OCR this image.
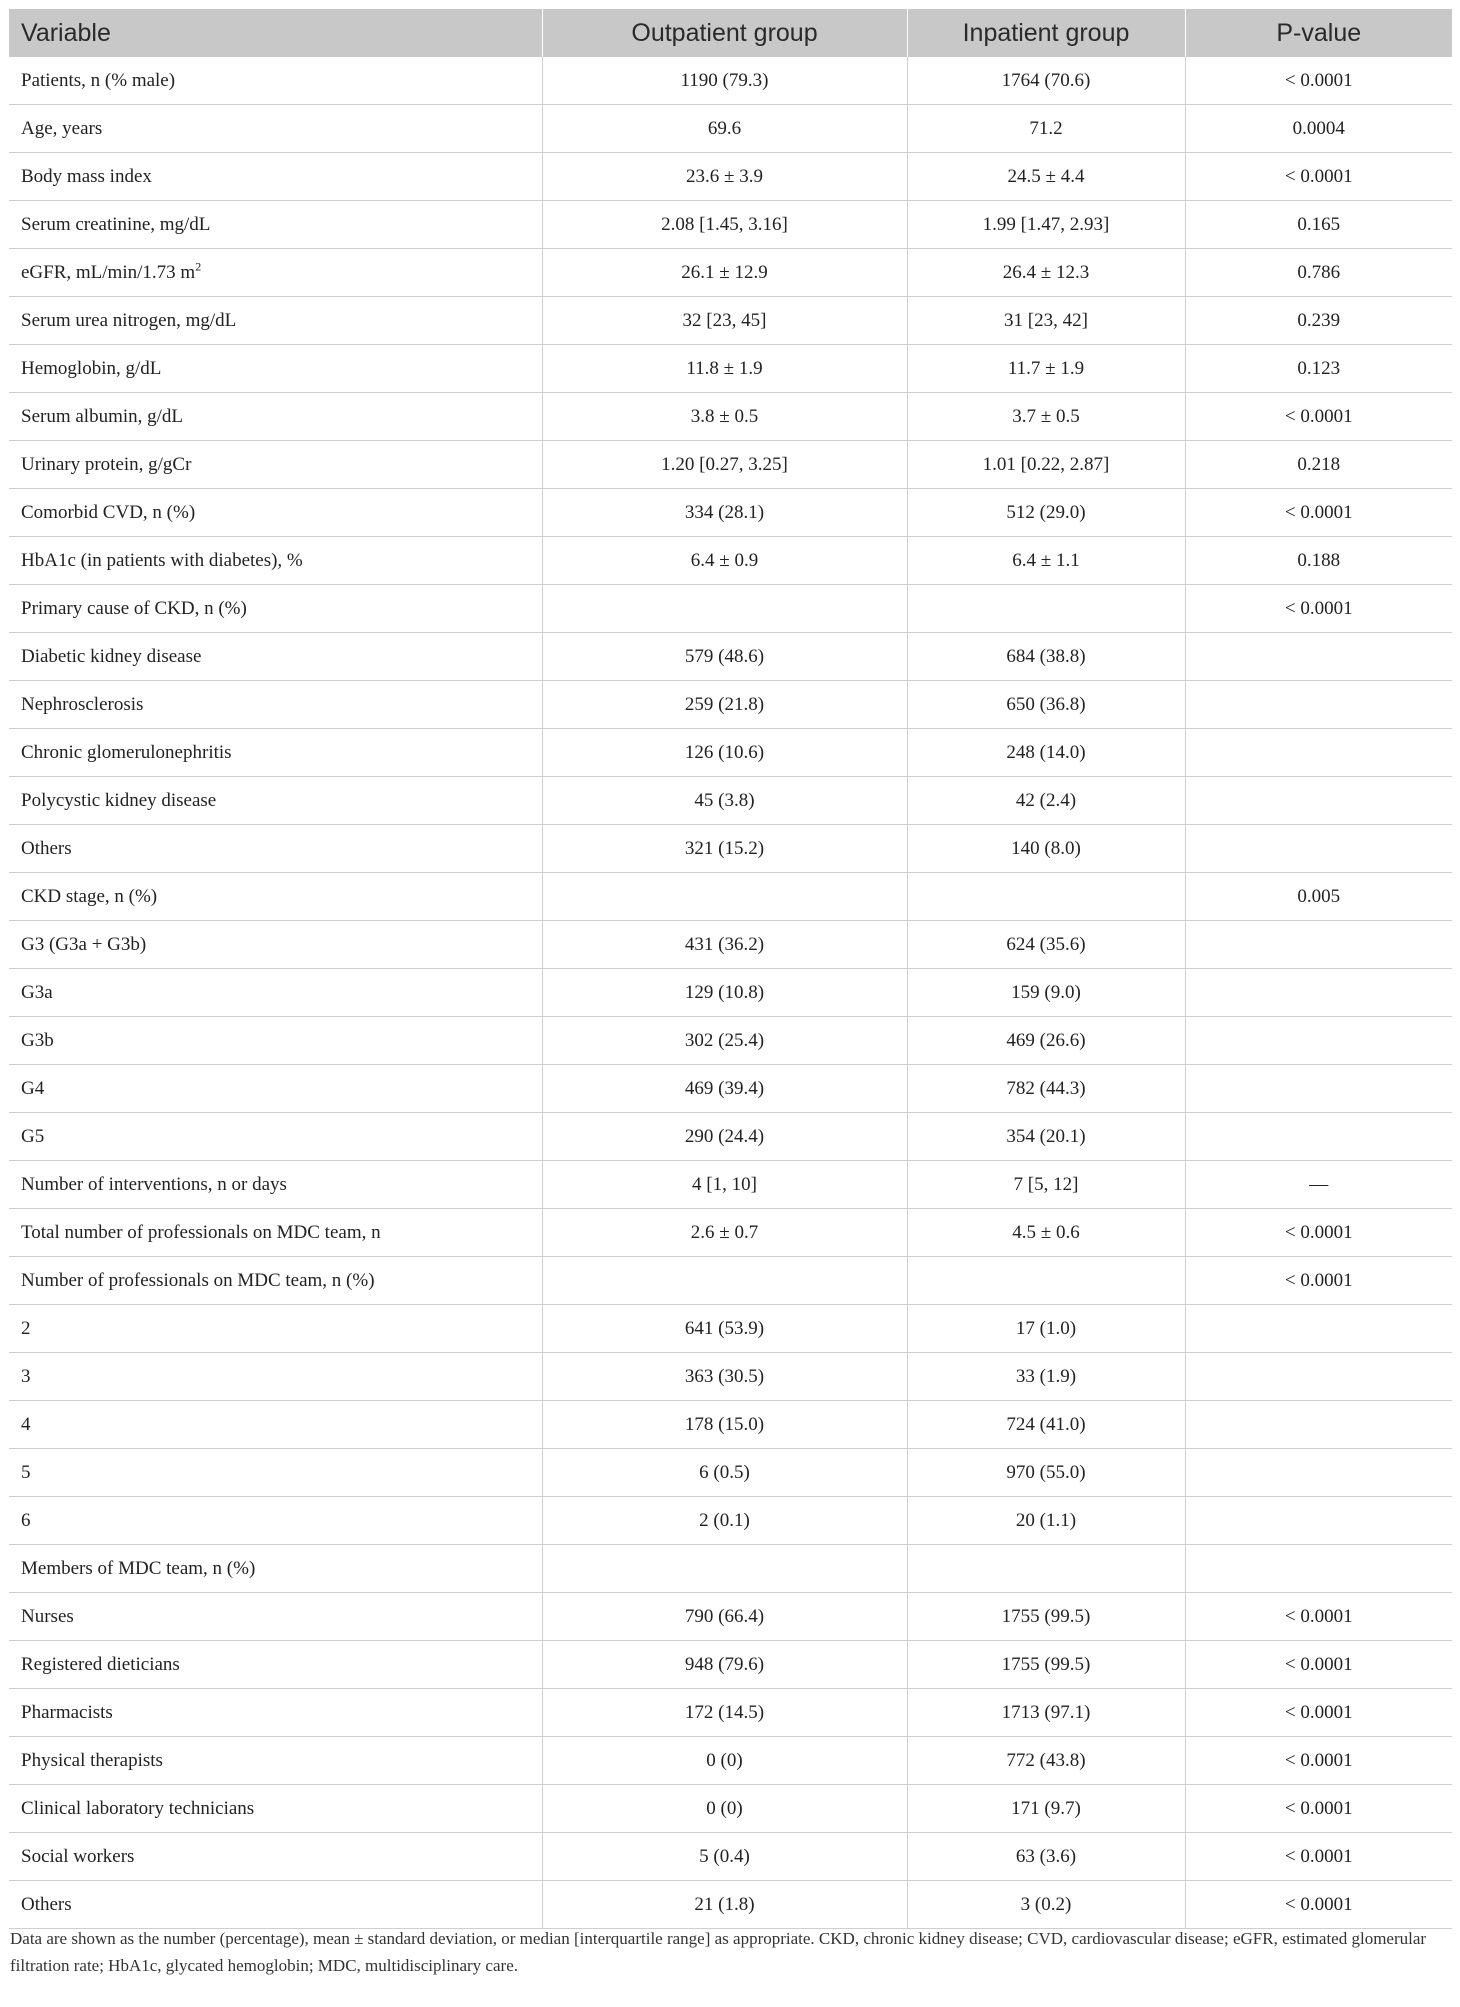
Variable	Outpatient group	Inpatient group	P-value
Patients, n (% male)	1190 (79.3)	1764 (70.6)	< 0.0001
Age, years	69.6	71.2	0.0004
Body mass index	23.6 ± 3.9	24.5 ± 4.4	< 0.0001
Serum creatinine, mg/dL	2.08 [1.45, 3.16]	1.99 [1.47, 2.93]	0.165
eGFR, mL/min/1.73 $m^2$	26.1 ± 12.9	26.4 ± 12.3	0.786
Serum urea nitrogen, mg/dL	32 [23, 45]	31 [23, 42]	0.239
Hemoglobin, g/dL	11.8 ± 1.9	11.7 ± 1.9	0.123
Serum albumin, g/dL	3.8 ± 0.5	3.7 ± 0.5	< 0.0001
Urinary protein, g/gCr	1.20 [0.27, 3.25]	1.01 [0.22, 2.87]	0.218
Comorbid CVD, n (%)	334 (28.1)	512 (29.0)	< 0.0001
HbA1c (in patients with diabetes), %	6.4 ± 0.9	6.4 ± 1.1	0.188
Primary cause of CKD, n (%)			< 0.0001
Diabetic kidney disease	579 (48.6)	684 (38.8)	
Nephrosclerosis	259 (21.8)	650 (36.8)	
Chronic glomerulonephritis	126 (10.6)	248 (14.0)	
Polycystic kidney disease	45 (3.8)	42 (2.4)	
Others	321 (15.2)	140 (8.0)	
CKD stage, n (%)			0.005
G3 (G3a + G3b)	431 (36.2)	624 (35.6)	
G3a	129 (10.8)	159 (9.0)	
G3b	302 (25.4)	469 (26.6)	
G4	469 (39.4)	782 (44.3)	
G5	290 (24.4)	354 (20.1)	
Number of interventions, n or days	4 [1, 10]	7 [5, 12]	—
Total number of professionals on MDC team, n	2.6 ± 0.7	4.5 ± 0.6	< 0.0001
Number of professionals on MDC team, n (%)			< 0.0001
2	641 (53.9)	17 (1.0)	
3	363 (30.5)	33 (1.9)	
4	178 (15.0)	724 (41.0)	
5	6 (0.5)	970 (55.0)	
6	2 (0.1)	20 (1.1)	
Members of MDC team, n (%)			
Nurses	790 (66.4)	1755 (99.5)	< 0.0001
Registered dieticians	948 (79.6)	1755 (99.5)	< 0.0001
Pharmacists	172 (14.5)	1713 (97.1)	< 0.0001
Physical therapists	0 (0)	772 (43.8)	< 0.0001
Clinical laboratory technicians	0 (0)	171 (9.7)	< 0.0001
Social workers	5 (0.4)	63 (3.6)	< 0.0001
Others	21 (1.8)	3 (0.2)	< 0.0001
Data are shown as the number (percentage), mean ± standard deviation, or median [interquartile range] as appropriate. CKD, chronic kidney disease; CVD, cardiovascular disease; eGFR, estimated glomerular filtration rate; HbA1c, glycated hemoglobin; MDC, multidisciplinary care.
